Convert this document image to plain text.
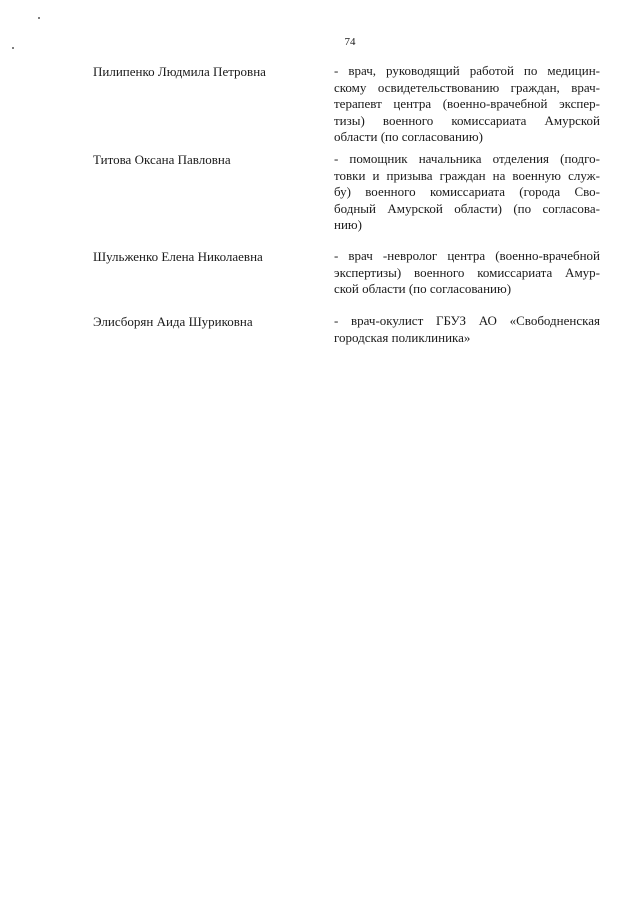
74
Пилипенко Людмила Петровна	- врач, руководящий работой по медицин-
скому освидетельствованию граждан, врач-
терапевт центра (военно-врачебной экспер-
тизы) военного комиссариата Амурской
области (по согласованию)
Титова Оксана Павловна	- помощник начальника отделения (подго-
товки и призыва граждан на военную служ-
бу) военного комиссариата (города Сво-
бодный Амурской области) (по согласова-
нию)
Шульженко Елена Николаевна	- врач -невролог центра (военно-врачебной
экспертизы) военного комиссариата Амур-
ской области (по согласованию)
Элисборян Аида Шуриковна	- врач-окулист ГБУЗ АО «Свободненская
городская поликлиника»
